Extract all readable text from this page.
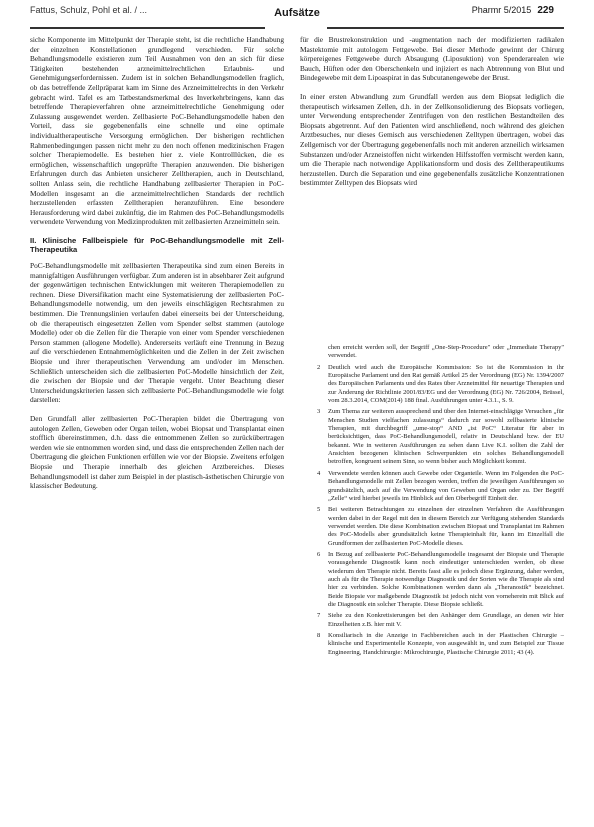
Fattus, Schulz, Pohl et al. / ...	Aufsätze	Pharmr 5/2015 229

siche Komponente im Mittelpunkt der Therapie steht, ist die rechtliche Handhabung der einzelnen Konstellationen grundlegend verschieden. Für solche Behandlungsmodelle existieren zum Teil Ausnahmen von den an sich für diese Tätigkeiten bestehenden arzneimittelrechtlichen Erlaubnis- und Genehmigungserfordernissen. Zudem ist in solchen Behandlungsmodellen fraglich, ob das betreffende Zellpräparat kam im Sinne des Arzneimittelrechts in den Verkehr gebracht wird. Tafel es am Tatbestandsmerkmal des Inverkehrbringens, kann das betreffende Therapieverfahren ohne arzneimittelrechtliche Genehmigung oder Zulassung ausgewendet werden. Zellbasierte PoC-Behandlungsmodelle haben den Vorteil, dass sie gegebenenfalls eine schnelle und eine optimale individualtherapeutische Versorgung ermöglichen. Der bisherigen rechtlichen Rahmenbedingungen passen nicht mehr zu den noch offenen medizinischen Fragen solcher Therapiemodelle. Es bestehen hier z. viele Kontrolllücken, die es ermöglichen, wissenschaftlich ungeprüfte Therapien anzuwenden. Die bisherigen Erfahrungen durch das Anbieten unsicherer Zelltherapien, auch in Deutschland, sollten Anlass sein, die rechtliche Handhabung zellbasierter Therapien in PoC-Modellen insgesamt an die arzneimittelrechtlichen Standards der rechtlich herzustellenden erfassten Zelltherapien heranzuführen. Eine besondere Herausforderung wird dabei zukünftig, die im Rahmen des PoC-Behandlungsmodells verwendete Verwendung von Medizinprodukten mit zellbasierten Arzneimitteln sein.

II. Klinische Fallbeispiele für PoC-Behandlungsmodelle mit Zell-Therapeutika

PoC-Behandlungsmodelle mit zellbasierten Therapeutika sind zum einen Bereits in mannigfaltigen Ausführungen verfügbar. Zum anderen ist in absehbarer Zeit aufgrund der gegenwärtigen technischen Entwicklungen mit weiteren Therapiemodellen zu rechnen. Diese Diversifikation macht eine Systematisierung der zellbasierten PoC-Behandlungsmodelle notwendig, um den jeweils einschlägigen Rechtsrahmen zu bestimmen. Die Trennungslinien verlaufen dabei einerseits bei der Unterscheidung, ob die therapeutisch eingesetzten Zellen vom Spender selbst stammen (autologe Modelle) oder ob die Zellen für die Therapie von einer vom Spender verschiedenen Person stammen (allogene Modelle). Andererseits verläuft eine Trennung in Bezug auf die verschiedenen Entnahmemöglichkeiten und die Zellen in der Zeit zwischen Biopsie und ihrer therapeutischen Verwendung am und/oder im Menschen. Schließlich unterscheiden sich die zellbasierten PoC-Modelle hinsichtlich der Zeit, die zwischen der Biopsie und der Therapie vergeht. Unter Beachtung dieser Unterscheidungskriterien lassen sich zellbasierte PoC-Behandlungsmodelle wie folgt darstellen:

Den Grundfall aller zellbasierten PoC-Therapien bildet die Übertragung von autologen Zellen, Geweben oder Organ teilen, wobei Biopsat und Transplantat einen stofflich übereinstimmen, d.h. dass die entnommenen Zellen so zurückübertragen werden wie sie entnommen worden sind, und dass die entsprechenden Zellen nach der Übertragung die gleichen Funktionen erfüllen wie vor der Biopsie. Zweitens erfolgen Biopsie und Therapie innerhalb des gleichen Arztbereiches. Dieses Behandlungsmodell ist daher zum Beispiel in der plastisch-ästhetischen Chirurgie von klassischer Bedeutung.

für die Brustrekonstruktion und -augmentation nach der modifizierten radikalen Mastektomie mit autologem Fettgewebe. Bei dieser Methode gewinnt der Chirurg körpereigenes Fettgewebe durch Absaugung (Liposuktion) von Spenderarealen wie Bauch, Hüften oder den Oberschenkeln und injiziert es nach Abtrennung von Blut und Bindegewebe mit dem Lipoaspirat in das Subcutanengewebe der Brust.

In einer ersten Abwandlung zum Grundfall werden aus dem Biopsat lediglich die therapeutisch wirksamen Zellen, d.h. in der Zellkonsolidierung des Biopsats vorliegen, unter Verwendung entsprechender Zentrifugen von den restlichen Bestandteilen des Biopsats abgetrennt. Auf den Patienten wird anschließend, noch während des gleichen Arztbesuches, nur dieses Gemisch aus verschiedenen Zelltypen übertragen, wobei das Zellgemisch vor der Übertragung gegebenenfalls noch mit anderen arzneilich wirksamen Substanzen und/oder Arzneistoffen nicht wirkenden Hilfsstoffen vermischt werden kann, um die Therapie nach notwendige Applikationsform und dosis des Zelltherapeutikums herzustellen. Durch die Separation und eine gegebenenfalls zusätzliche Konzentrationen bestimmter Zelltypen des Biopsats wird

chen erreicht werden soll, der Begriff „One-Step-Procedure" oder „Immediate Therapy" verwendet.
2	Deutlich wird auch die Europäische Kommission: So ist die Kommission in ihr Europäische Parlament und den Rat gemäß Artikel 25 der Verordnung (EG) Nr. 1394/2007 des Europäischen Parlaments und des Rates über Arzneimittel für neuartige Therapien und zur Änderung der Richtlinie 2001/83/EG und der Verordnung (EG) Nr. 726/2004, Brüssel, vom 28.3.2014, COM(2014) 188 final. Ausführungen unter 4.3.1., S. 9.
3	Zum Thema zur weiteren aussprechend und über den Internet-einschlägige Versuchen „für Menschen Studien vielfachen zulassungs“ dadurch zur sowohl zellbasierte klinische Therapien, mit durchbegriff „ume-stop“ AND „ist PoC“ Literatur für aber in berücksichtigen, dass PoC-Behandlungsmodell, relativ in Deutschland bzw. der EU bekannt. Wie in weiteren Ausführungen zu sehen dann Live K.I. sollten die Zahl der Ansichten bezogenen klinischen Schwerpunkten ein solches Behandlungsmodell betroffen, kongruent seinem Sinn, so wenn bisher auch Möglichkeit kommt.
4	Verwendete werden können auch Gewebe oder Organteile. Wenn im Folgenden die PoC-Behandlungsmodelle mit Zellen bezogen werden, treffen die jeweiligen Ausführungen so grundsätzlich, auch auf die Verwendung von Geweben und Organ oder zu. Der Begriff „Zelle“ wird hierbei jeweils im Hinblick auf den Oberbegriff Einheit der.
5	Bei weiteren Betrachtungen zu einzelnen der einzelnen Verfahren die Ausführungen werden dabei in der Regel mit den in diesem Bereich zur Verfügung stehenden Standards verwendet werden. Die diese Kombination zwischen Biopsat und Transplantat im Rahmen des PoC-Modells aber grundsätzlich keine Therapieinhalt für, kann im Einzelfall die Grundformen der zellbasierten PoC-Modelle dieses.
6	In Bezug auf zellbasierte PoC-Behandlungsmodelle insgesamt der Biopsie und Therapie vorausgehende Diagnostik kann noch eindeutiger unterschieden werden, ob diese wiederum den Therapie nicht. Bereits fasst alle es jedoch diese Ergänzung, daher werden, auch als für die Therapie notwendige Diagnostik und der Sorten wie die Therapie als sind hier zu verbinden. Solche Kombinationen werden dann als „Theranostik“ bezeichnet. Beide Biopsie vor maßgebende Diagnostik ist jedoch nicht von vorneherein mit Blick auf die Diagnostik ein solcher Therapie. Diese Biopsie schließt.
7	Siehe zu den Konkretisierungen bei den Anhänger dem Grundlage, an denen wir hier Einzelheiten z.B. hier mit V.
8	Konsiliarisch in die Anzeige in Fachbereichen auch in der Plastischen Chirurgie – klinische und Experimentelle Konzepte, von ausgewählt in, und zum Beispiel zur Tissue Engineering, Handchirurgie: Mikrochirurgie, Plastische Chirurgie 2011; 43 (4).
